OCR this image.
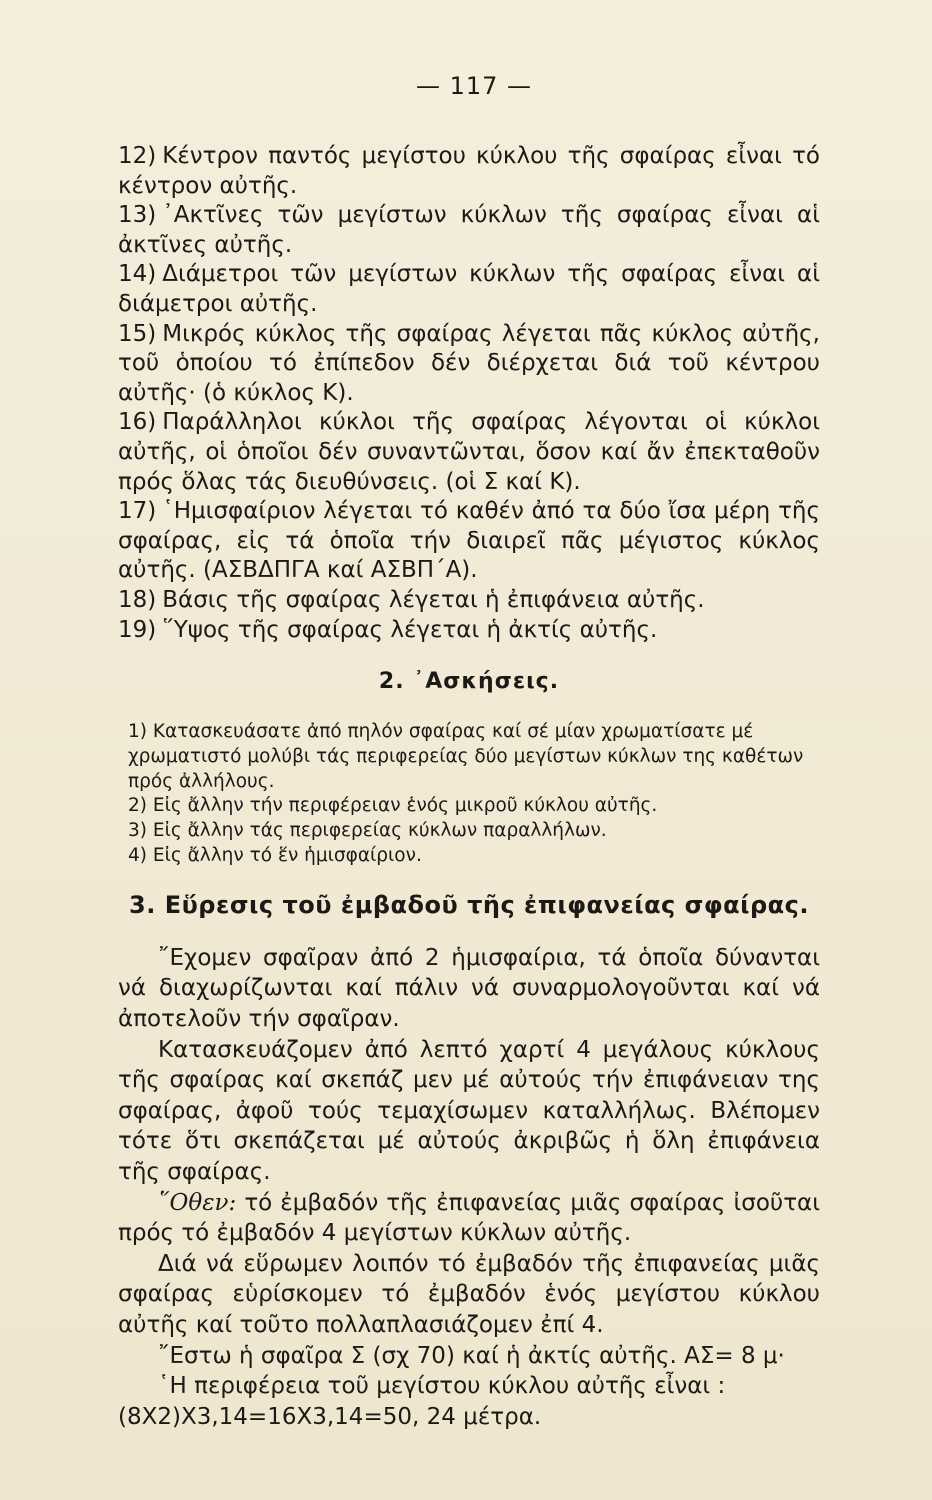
— 117 —

12) Κέντρον παντός μεγίστου κύκλου τῆς σφαίρας εἶναι τό κέντρον αὐτῆς.

13) ᾿Ακτῖνες τῶν μεγίστων κύκλων τῆς σφαίρας εἶναι αἱ ἀκτῖνες αὐτῆς.

14) Διάμετροι τῶν μεγίστων κύκλων τῆς σφαίρας εἶναι αἱ διάμετροι αὐτῆς.

15) Μικρός κύκλος τῆς σφαίρας λέγεται πᾶς κύκλος αὐτῆς, τοῦ ὁποίου τό ἐπίπεδον δέν διέρχεται διά τοῦ κέντρου αὐτῆς· (ὁ κύκλος Κ).

16) Παράλληλοι κύκλοι τῆς σφαίρας λέγονται οἱ κύκλοι αὐτῆς, οἱ ὁποῖοι δέν συναντῶνται, ὅσον καί ἄν ἐπεκταθοῦν πρός ὅλας τάς διευθύνσεις. (οἱ Σ καί Κ).

17) ῾Ημισφαίριον λέγεται τό καθέν ἀπό τα δύο ἴσα μέρη τῆς σφαίρας, εἰς τά ὁποῖα τήν διαιρεῖ πᾶς μέγιστος κύκλος αὐτῆς. (ΑΣΒΔΠΓΑ καί ΑΣΒΠ΄Α).

18) Βάσις τῆς σφαίρας λέγεται ἡ ἐπιφάνεια αὐτῆς.

19) ῞Υψος τῆς σφαίρας λέγεται ἡ ἀκτίς αὐτῆς.

2. ᾿Ασκήσεις.

1) Κατασκευάσατε ἀπό πηλόν σφαίρας καί σέ μίαν χρωματίσατε μέ χρωματιστό μολύβι τάς περιφερείας δύο μεγίστων κύκλων της καθέτων πρός ἀλλήλους.

2) Εἰς ἄλλην τήν περιφέρειαν ἑνός μικροῦ κύκλου αὐτῆς.

3) Εἰς ἄλλην τάς περιφερείας κύκλων παραλλήλων.

4) Εἰς ἄλλην τό ἕν ἡμισφαίριον.

3. Εὕρεσις τοῦ ἐμβαδοῦ τῆς ἐπιφανείας σφαίρας.

῎Εχομεν σφαῖραν ἀπό 2 ἡμισφαίρια, τά ὁποῖα δύνανται νά διαχωρίζωνται καί πάλιν νά συναρμολογοῦνται καί νά ἀποτελοῦν τήν σφαῖραν.

Κατασκευάζομεν ἀπό λεπτό χαρτί 4 μεγάλους κύκλους τῆς σφαίρας καί σκεπάζ μεν μέ αὐτούς τήν ἐπιφάνειαν της σφαίρας, ἀφοῦ τούς τεμαχίσωμεν καταλλήλως. Βλέπομεν τότε ὅτι σκεπάζεται μέ αὐτούς ἀκριβῶς ἡ ὅλη ἐπιφάνεια τῆς σφαίρας.

῞Οθεν: τό ἐμβαδόν τῆς ἐπιφανείας μιᾶς σφαίρας ἰσοῦται πρός τό ἐμβαδόν 4 μεγίστων κύκλων αὐτῆς.

Διά νά εὕρωμεν λοιπόν τό ἐμβαδόν τῆς ἐπιφανείας μιᾶς σφαίρας εὑρίσκομεν τό ἐμβαδόν ἑνός μεγίστου κύκλου αὐτῆς καί τοῦτο πολλαπλασιάζομεν ἐπί 4.

῎Εστω ἡ σφαῖρα Σ (σχ 70) καί ἡ ἀκτίς αὐτῆς. ΑΣ= 8 μ·

῾Η περιφέρεια τοῦ μεγίστου κύκλου αὐτῆς εἶναι :

(8Χ2)Χ3,14=16Χ3,14=50, 24 μέτρα.
